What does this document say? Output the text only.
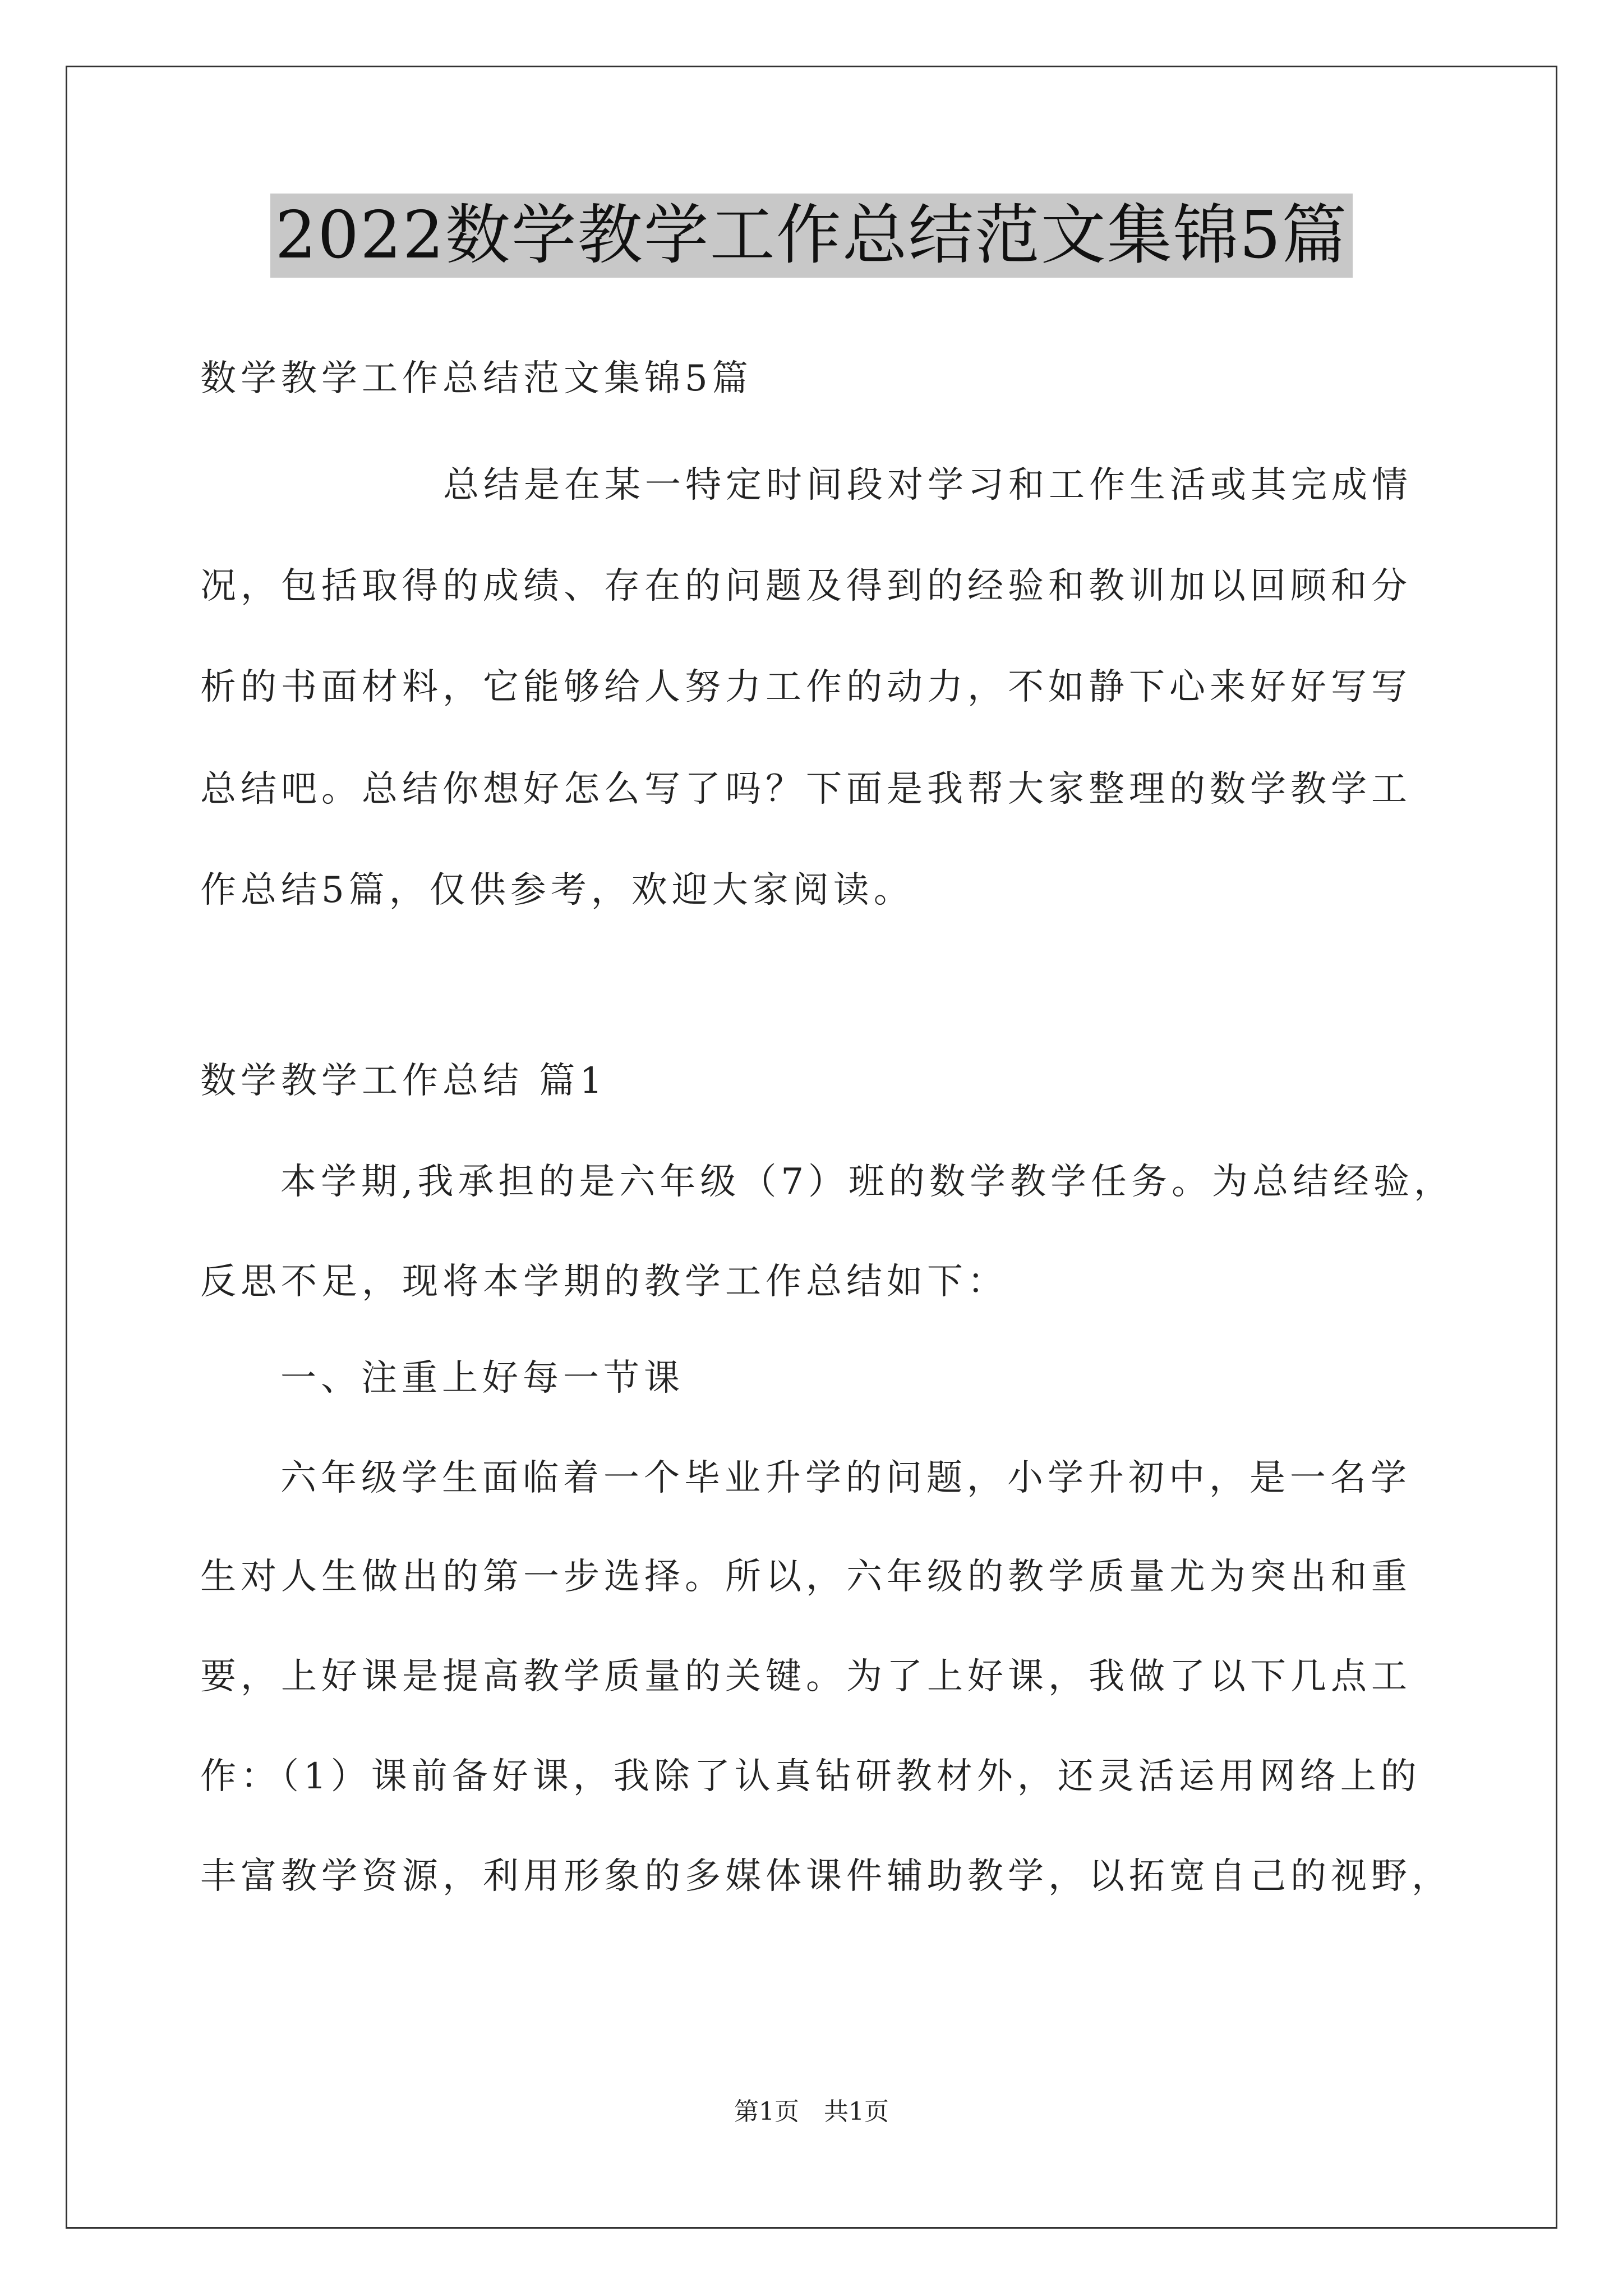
2022数学教学工作总结范文集锦5篇
数学教学工作总结范文集锦5篇
总结是在某一特定时间段对学习和工作生活或其完成情
况，包括取得的成绩、存在的问题及得到的经验和教训加以回顾和分
析的书面材料，它能够给人努力工作的动力，不如静下心来好好写写
总结吧。总结你想好怎么写了吗？下面是我帮大家整理的数学教学工
作总结5篇，仅供参考，欢迎大家阅读。
数学教学工作总结 篇1
本学期,我承担的是六年级（7）班的数学教学任务。为总结经验，
反思不足，现将本学期的教学工作总结如下：
一、注重上好每一节课
六年级学生面临着一个毕业升学的问题，小学升初中，是一名学
生对人生做出的第一步选择。所以，六年级的教学质量尤为突出和重
要，上好课是提高教学质量的关键。为了上好课，我做了以下几点工
作：（1）课前备好课，我除了认真钻研教材外，还灵活运用网络上的
丰富教学资源，利用形象的多媒体课件辅助教学，以拓宽自己的视野，
第1页　共1页
